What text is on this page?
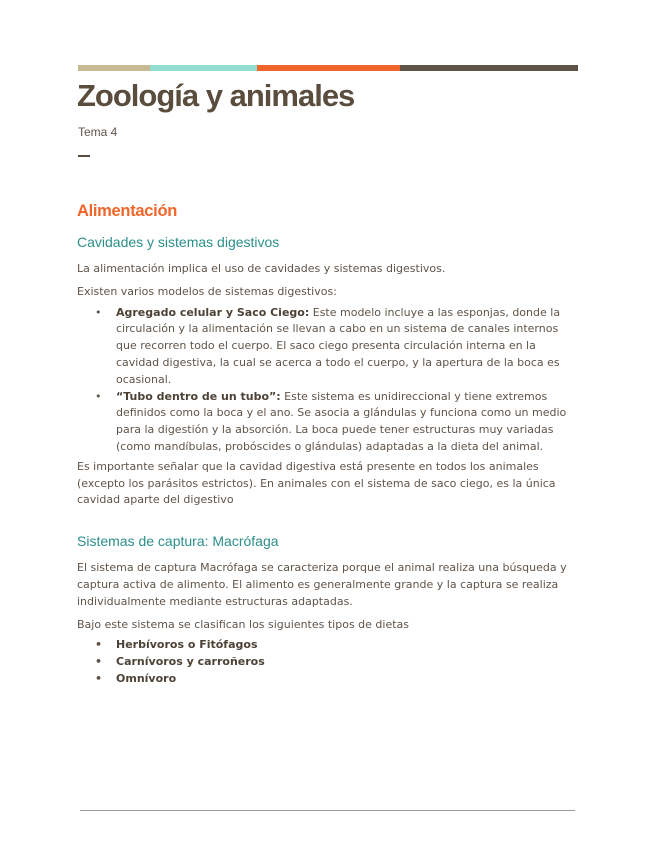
Zoología y animales
Tema 4
Alimentación
Cavidades y sistemas digestivos

La alimentación implica el uso de cavidades y sistemas digestivos.

Existen varios modelos de sistemas digestivos:

• Agregado celular y Saco Ciego: Este modelo incluye a las esponjas, donde la circulación y la alimentación se llevan a cabo en un sistema de canales internos que recorren todo el cuerpo. El saco ciego presenta circulación interna en la cavidad digestiva, la cual se acerca a todo el cuerpo, y la apertura de la boca es ocasional.
• “Tubo dentro de un tubo”: Este sistema es unidireccional y tiene extremos definidos como la boca y el ano. Se asocia a glándulas y funciona como un medio para la digestión y la absorción. La boca puede tener estructuras muy variadas (como mandíbulas, probóscides o glándulas) adaptadas a la dieta del animal.

Es importante señalar que la cavidad digestiva está presente en todos los animales (excepto los parásitos estrictos). En animales con el sistema de saco ciego, es la única cavidad aparte del digestivo

Sistemas de captura: Macrófaga

El sistema de captura Macrófaga se caracteriza porque el animal realiza una búsqueda y captura activa de alimento. El alimento es generalmente grande y la captura se realiza individualmente mediante estructuras adaptadas.

Bajo este sistema se clasifican los siguientes tipos de dietas

• Herbívoros o Fitófagos
• Carnívoros y carroñeros
• Omnívoro
